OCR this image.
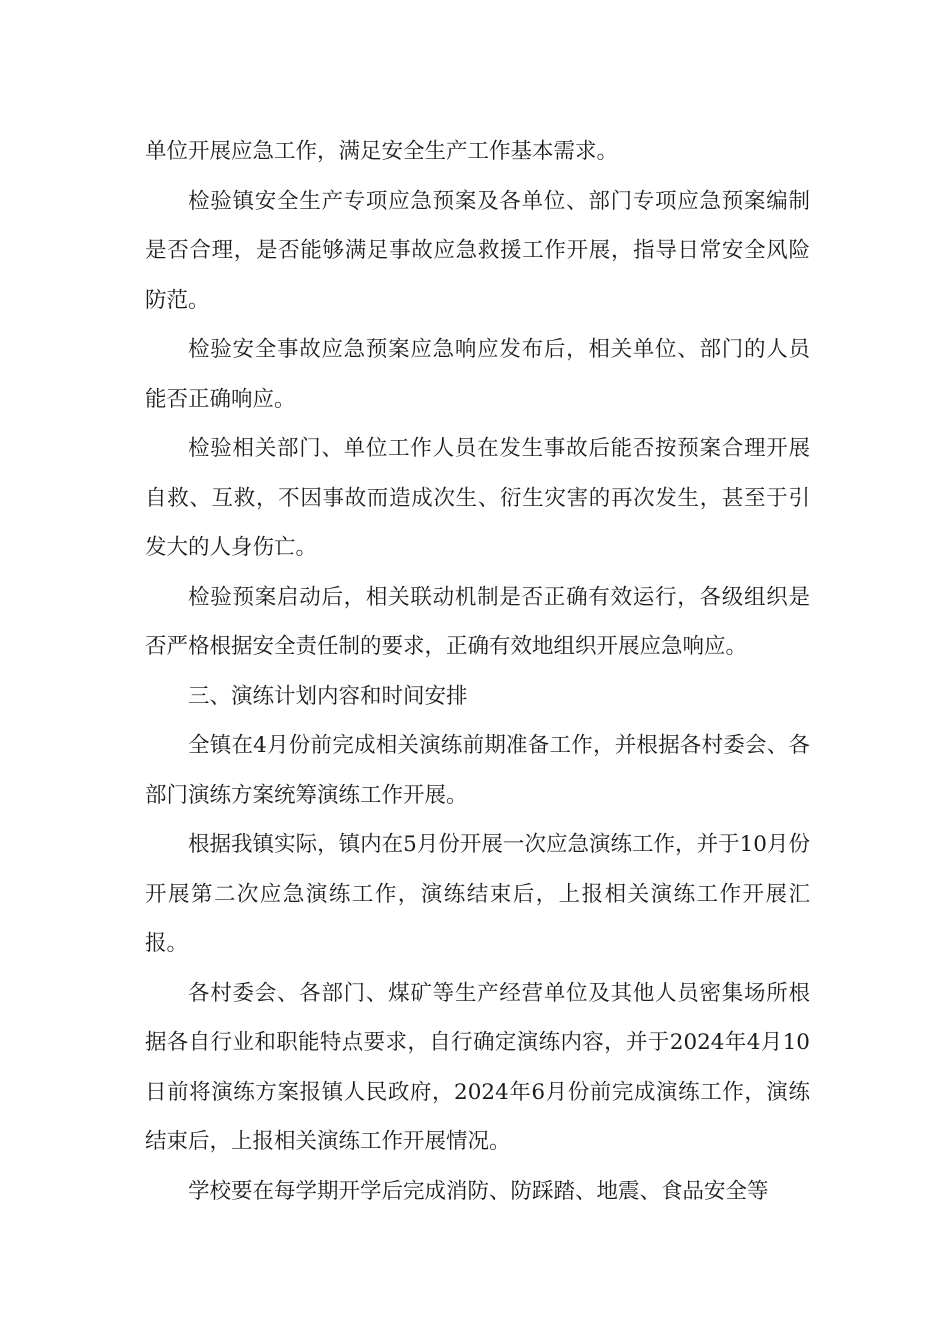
单位开展应急工作，满足安全生产工作基本需求。

检验镇安全生产专项应急预案及各单位、部门专项应急预案编制是否合理，是否能够满足事故应急救援工作开展，指导日常安全风险防范。

检验安全事故应急预案应急响应发布后，相关单位、部门的人员能否正确响应。

检验相关部门、单位工作人员在发生事故后能否按预案合理开展自救、互救，不因事故而造成次生、衍生灾害的再次发生，甚至于引发大的人身伤亡。

检验预案启动后，相关联动机制是否正确有效运行，各级组织是否严格根据安全责任制的要求，正确有效地组织开展应急响应。

三、演练计划内容和时间安排

全镇在4月份前完成相关演练前期准备工作，并根据各村委会、各部门演练方案统筹演练工作开展。

根据我镇实际，镇内在5月份开展一次应急演练工作，并于10月份开展第二次应急演练工作，演练结束后，上报相关演练工作开展汇报。

各村委会、各部门、煤矿等生产经营单位及其他人员密集场所根据各自行业和职能特点要求，自行确定演练内容，并于2024年4月10日前将演练方案报镇人民政府，2024年6月份前完成演练工作，演练结束后，上报相关演练工作开展情况。

学校要在每学期开学后完成消防、防踩踏、地震、食品安全等
